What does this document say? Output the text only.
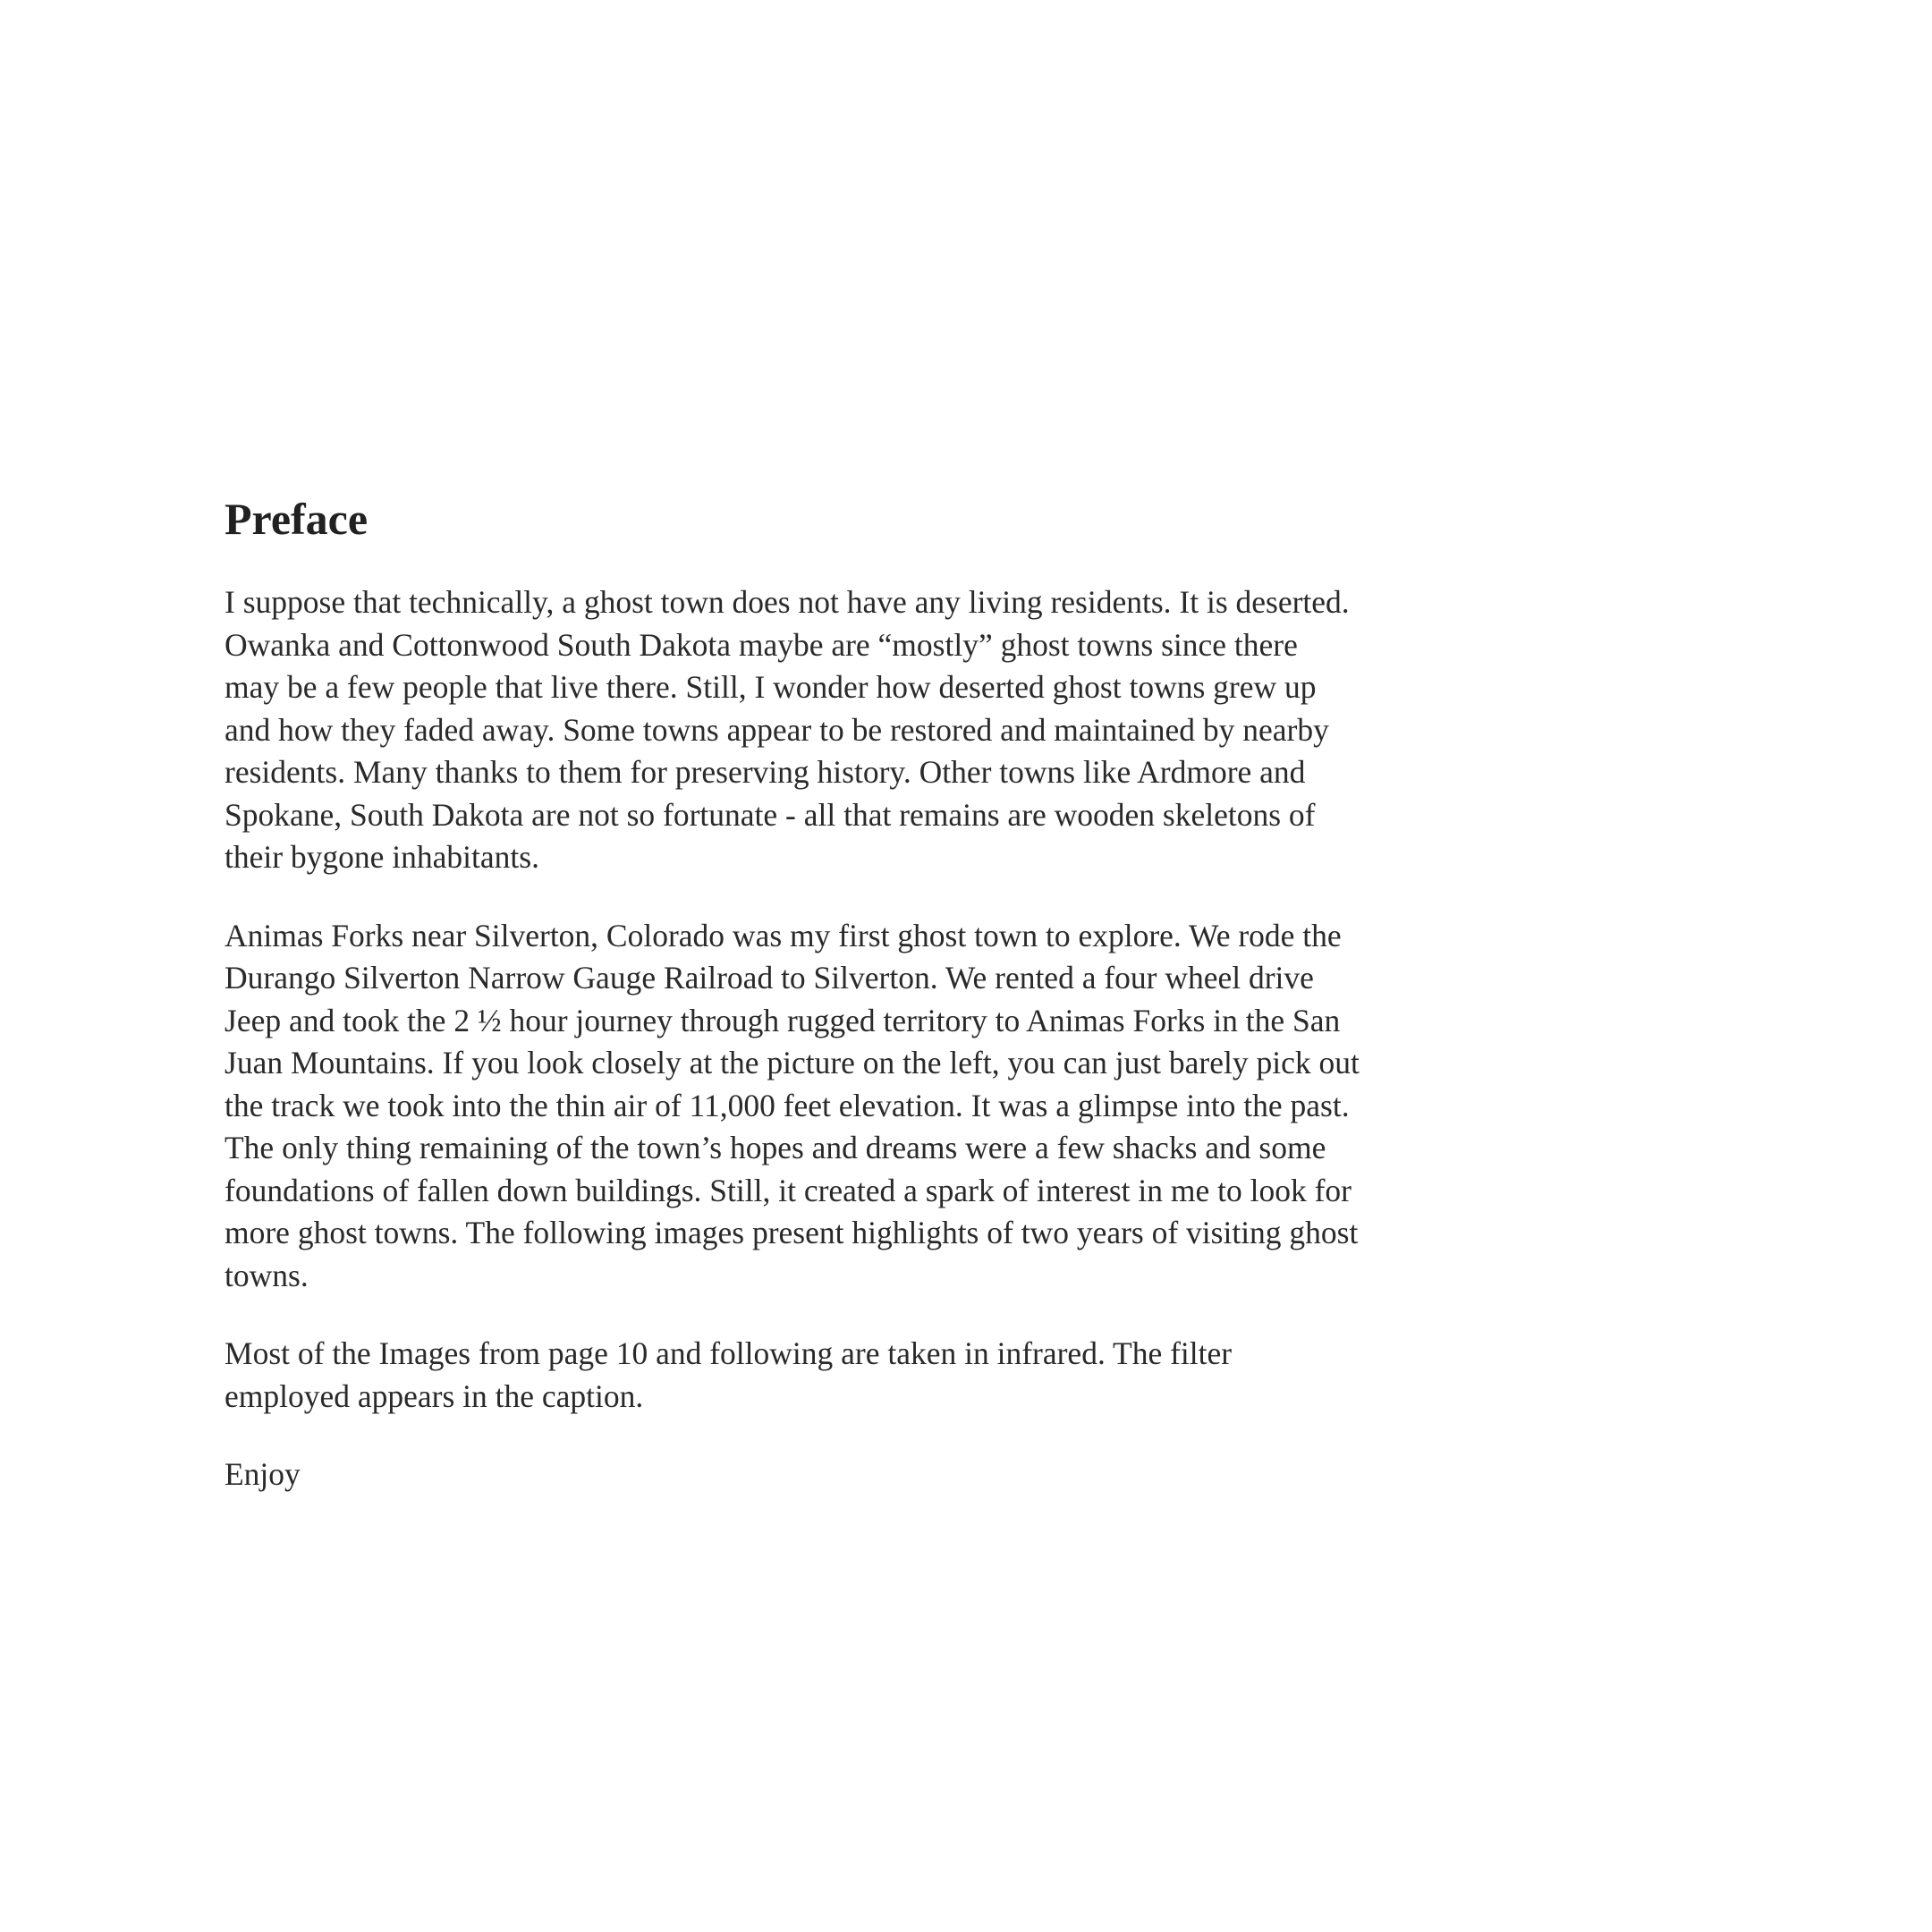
Preface

I suppose that technically, a ghost town does not have any living residents. It is deserted.
Owanka and Cottonwood South Dakota maybe are “mostly” ghost towns since there
may be a few people that live there. Still, I wonder how deserted ghost towns grew up
and how they faded away. Some towns appear to be restored and maintained by nearby
residents. Many thanks to them for preserving history. Other towns like Ardmore and
Spokane, South Dakota are not so fortunate - all that remains are wooden skeletons of
their bygone inhabitants.

Animas Forks near Silverton, Colorado was my first ghost town to explore. We rode the
Durango Silverton Narrow Gauge Railroad to Silverton. We rented a four wheel drive
Jeep and took the 2 ½ hour journey through rugged territory to Animas Forks in the San
Juan Mountains. If you look closely at the picture on the left, you can just barely pick out
the track we took into the thin air of 11,000 feet elevation. It was a glimpse into the past.
The only thing remaining of the town’s hopes and dreams were a few shacks and some
foundations of fallen down buildings. Still, it created a spark of interest in me to look for
more ghost towns. The following images present highlights of two years of visiting ghost
towns.

Most of the Images from page 10 and following are taken in infrared. The filter
employed appears in the caption.

Enjoy
